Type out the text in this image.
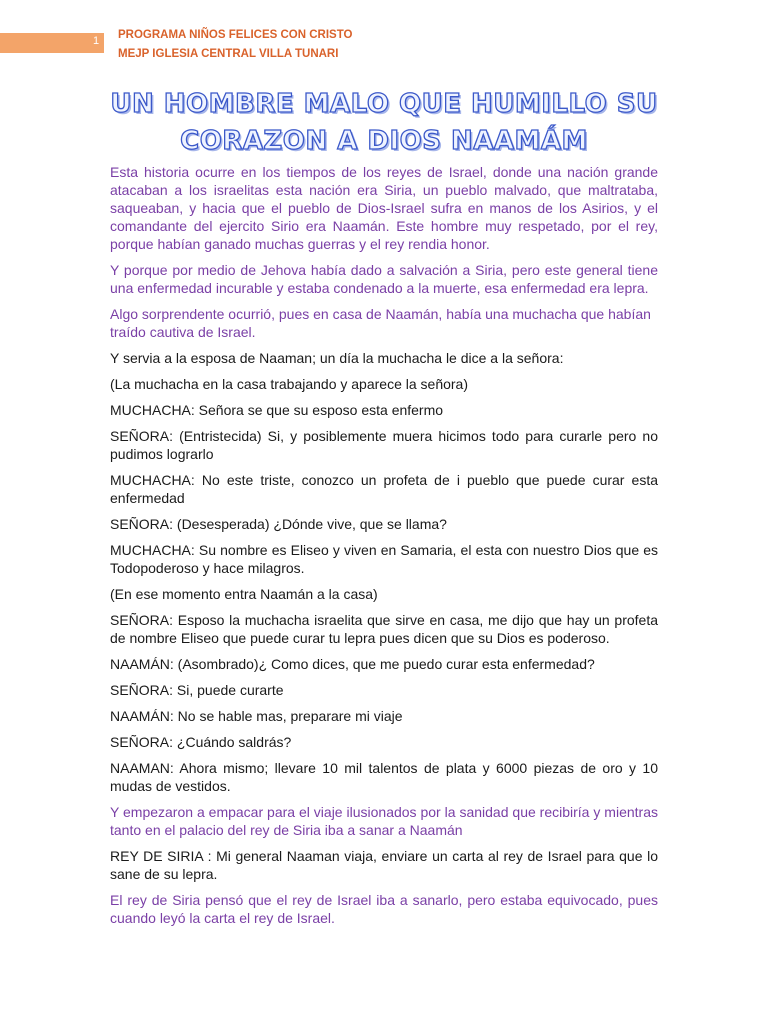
1 PROGRAMA NIÑOS FELICES CON CRISTO
MEJP IGLESIA CENTRAL VILLA TUNARI
UN HOMBRE MALO QUE HUMILLO SU
CORAZON A DIOS NAAMÁM

Esta historia ocurre en los tiempos de los reyes de Israel, donde una nación grande atacaban a los israelitas esta nación era Siria, un pueblo malvado, que maltrataba, saqueaban, y hacia que el pueblo de Dios-Israel sufra en manos de los Asirios, y el comandante del ejercito Sirio era Naamán. Este hombre muy respetado, por el rey, porque habían ganado muchas guerras y el rey rendia honor.

Y porque por medio de Jehova había dado a salvación a Siria, pero este general tiene una enfermedad incurable y estaba condenado a la muerte, esa enfermedad era lepra.

Algo sorprendente ocurrió, pues en casa de Naamán, había una muchacha que habían traído cautiva de Israel.

Y servia a la esposa de Naaman; un día la muchacha le dice a la señora:

(La muchacha en la casa trabajando y aparece la señora)

MUCHACHA: Señora se que su esposo esta enfermo

SEÑORA: (Entristecida) Si, y posiblemente muera hicimos todo para curarle pero no pudimos lograrlo

MUCHACHA: No este triste, conozco un profeta de i pueblo que puede curar esta enfermedad

SEÑORA: (Desesperada) ¿Dónde vive, que se llama?

MUCHACHA: Su nombre es Eliseo y viven en Samaria, el esta con nuestro Dios que es Todopoderoso y hace milagros.

(En ese momento entra Naamán a la casa)

SEÑORA: Esposo la muchacha israelita que sirve en casa, me dijo que hay un profeta de nombre Eliseo que puede curar tu lepra pues dicen que su Dios es poderoso.

NAAMÁN: (Asombrado)¿ Como dices, que me puedo curar esta enfermedad?

SEÑORA: Si, puede curarte

NAAMÁN: No se hable mas, preparare mi viaje

SEÑORA: ¿Cuándo saldrás?

NAAMAN: Ahora mismo; llevare 10 mil talentos de plata y 6000 piezas de oro y 10 mudas de vestidos.

Y empezaron a empacar para el viaje ilusionados por la sanidad que recibiría y mientras tanto en el palacio del rey de Siria iba a sanar a Naamán

REY DE SIRIA : Mi general Naaman viaja, enviare un carta al rey de Israel para que lo sane de su lepra.

El rey de Siria pensó que el rey de Israel iba a sanarlo, pero estaba equivocado, pues cuando leyó la carta el rey de Israel.
